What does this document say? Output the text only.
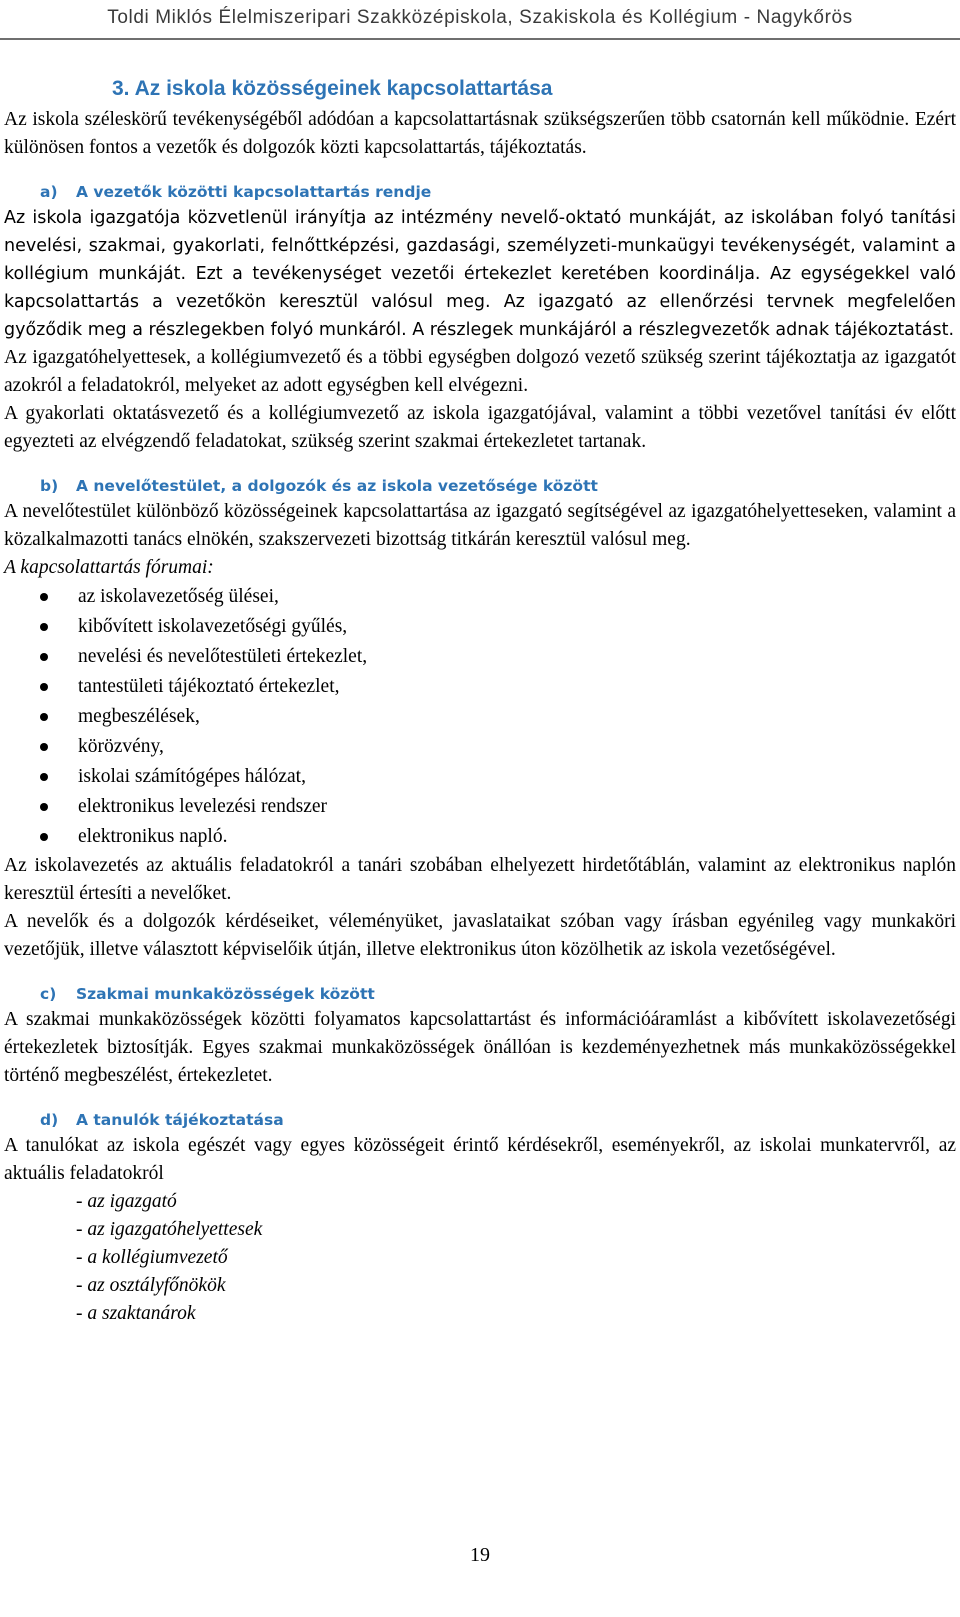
Toldi Miklós Élelmiszeripari Szakközépiskola, Szakiskola és Kollégium - Nagykőrös
3. Az iskola közösségeinek kapcsolattartása

Az iskola széleskörű tevékenységéből adódóan a kapcsolattartásnak szükségszerűen több csatornán kell működnie. Ezért különösen fontos a vezetők és dolgozók közti kapcsolattartás, tájékoztatás.

a) A vezetők közötti kapcsolattartás rendje

Az iskola igazgatója közvetlenül irányítja az intézmény nevelő-oktató munkáját, az iskolában folyó tanítási nevelési, szakmai, gyakorlati, felnőttképzési, gazdasági, személyzeti-munkaügyi tevékenységét, valamint a kollégium munkáját. Ezt a tevékenységet vezetői értekezlet keretében koordinálja. Az egységekkel való kapcsolattartás a vezetőkön keresztül valósul meg. Az igazgató az ellenőrzési tervnek megfelelően győződik meg a részlegekben folyó munkáról. A részlegek munkájáról a részlegvezetők adnak tájékoztatást.

Az igazgatóhelyettesek, a kollégiumvezető és a többi egységben dolgozó vezető szükség szerint tájékoztatja az igazgatót azokról a feladatokról, melyeket az adott egységben kell elvégezni.

A gyakorlati oktatásvezető és a kollégiumvezető az iskola igazgatójával, valamint a többi vezetővel tanítási év előtt egyezteti az elvégzendő feladatokat, szükség szerint szakmai értekezletet tartanak.

b) A nevelőtestület, a dolgozók és az iskola vezetősége között

A nevelőtestület különböző közösségeinek kapcsolattartása az igazgató segítségével az igazgatóhelyetteseken, valamint a közalkalmazotti tanács elnökén, szakszervezeti bizottság titkárán keresztül valósul meg.

A kapcsolattartás fórumai:

az iskolavezetőség ülései,
kibővített iskolavezetőségi gyűlés,
nevelési és nevelőtestületi értekezlet,
tantestületi tájékoztató értekezlet,
megbeszélések,
körözvény,
iskolai számítógépes hálózat,
elektronikus levelezési rendszer
elektronikus napló.

Az iskolavezetés az aktuális feladatokról a tanári szobában elhelyezett hirdetőtáblán, valamint az elektronikus naplón keresztül értesíti a nevelőket.

A nevelők és a dolgozók kérdéseiket, véleményüket, javaslataikat szóban vagy írásban egyénileg vagy munkaköri vezetőjük, illetve választott képviselőik útján, illetve elektronikus úton közölhetik az iskola vezetőségével.

c) Szakmai munkaközösségek között

A szakmai munkaközösségek közötti folyamatos kapcsolattartást és információáramlást a kibővített iskolavezetőségi értekezletek biztosítják. Egyes szakmai munkaközösségek önállóan is kezdeményezhetnek más munkaközösségekkel történő megbeszélést, értekezletet.

d) A tanulók tájékoztatása

A tanulókat az iskola egészét vagy egyes közösségeit érintő kérdésekről, eseményekről, az iskolai munkatervről, az aktuális feladatokról

- az igazgató
- az igazgatóhelyettesek
- a kollégiumvezető
- az osztályfőnökök
- a szaktanárok
19
